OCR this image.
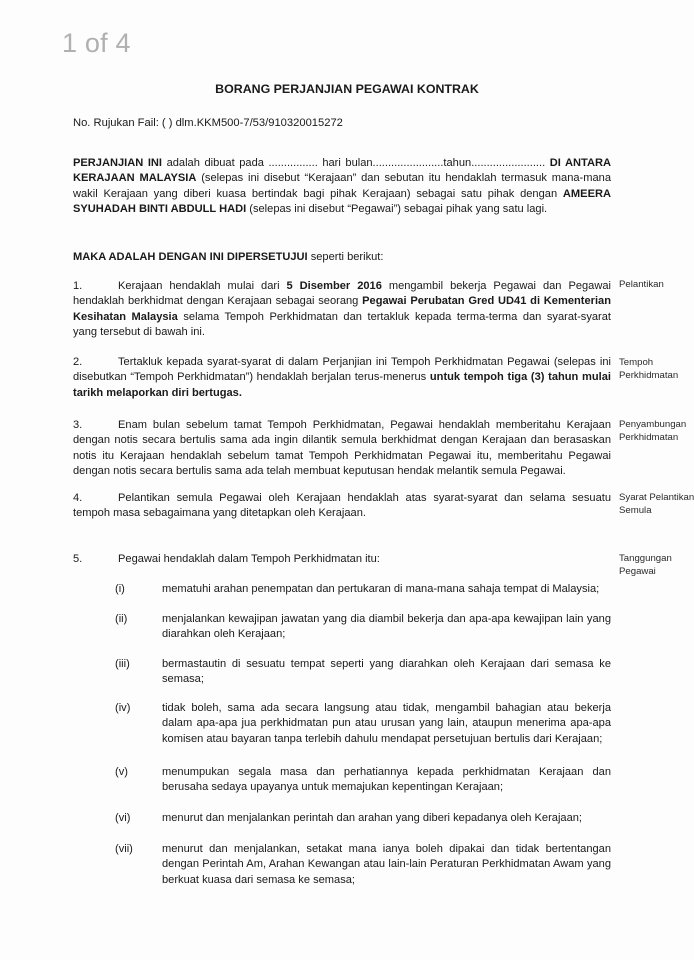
1 of 4
BORANG PERJANJIAN PEGAWAI KONTRAK
No. Rujukan Fail: ( ) dlm.KKM500-7/53/910320015272
PERJANJIAN INI adalah dibuat pada ................ hari bulan.......................tahun........................ DI ANTARA KERAJAAN MALAYSIA (selepas ini disebut “Kerajaan” dan sebutan itu hendaklah termasuk mana-mana wakil Kerajaan yang diberi kuasa bertindak bagi pihak Kerajaan) sebagai satu pihak dengan AMEERA SYUHADAH BINTI ABDULL HADI (selepas ini disebut “Pegawai”) sebagai pihak yang satu lagi.
MAKA ADALAH DENGAN INI DIPERSETUJUI seperti berikut:
1.	Kerajaan hendaklah mulai dari 5 Disember 2016 mengambil bekerja Pegawai dan Pegawai hendaklah berkhidmat dengan Kerajaan sebagai seorang Pegawai Perubatan Gred UD41 di Kementerian Kesihatan Malaysia selama Tempoh Perkhidmatan dan tertakluk kepada terma-terma dan syarat-syarat yang tersebut di bawah ini.
Pelantikan
2.	Tertakluk kepada syarat-syarat di dalam Perjanjian ini Tempoh Perkhidmatan Pegawai (selepas ini disebutkan “Tempoh Perkhidmatan”) hendaklah berjalan terus-menerus untuk tempoh tiga (3) tahun mulai tarikh melaporkan diri bertugas.
Tempoh
Perkhidmatan
3.	Enam bulan sebelum tamat Tempoh Perkhidmatan, Pegawai hendaklah memberitahu Kerajaan dengan notis secara bertulis sama ada ingin dilantik semula berkhidmat dengan Kerajaan dan berasaskan notis itu Kerajaan hendaklah sebelum tamat Tempoh Perkhidmatan Pegawai itu, memberitahu Pegawai dengan notis secara bertulis sama ada telah membuat keputusan hendak melantik semula Pegawai.
Penyambungan
Perkhidmatan
4.	Pelantikan semula Pegawai oleh Kerajaan hendaklah atas syarat-syarat dan selama sesuatu tempoh masa sebagaimana yang ditetapkan oleh Kerajaan.
Syarat Pelantikan
Semula
5.	Pegawai hendaklah dalam Tempoh Perkhidmatan itu:	Tanggungan
Pegawai
(i)	mematuhi arahan penempatan dan pertukaran di mana-mana sahaja tempat di Malaysia;
(ii)	menjalankan kewajipan jawatan yang dia diambil bekerja dan apa-apa kewajipan lain yang diarahkan oleh Kerajaan;
(iii)	bermastautin di sesuatu tempat seperti yang diarahkan oleh Kerajaan dari semasa ke semasa;
(iv)	tidak boleh, sama ada secara langsung atau tidak, mengambil bahagian atau bekerja dalam apa-apa jua perkhidmatan pun atau urusan yang lain, ataupun menerima apa-apa komisen atau bayaran tanpa terlebih dahulu mendapat persetujuan bertulis dari Kerajaan;
(v)	menumpukan segala masa dan perhatiannya kepada perkhidmatan Kerajaan dan berusaha sedaya upayanya untuk memajukan kepentingan Kerajaan;
(vi)	menurut dan menjalankan perintah dan arahan yang diberi kepadanya oleh Kerajaan;
(vii)	menurut dan menjalankan, setakat mana ianya boleh dipakai dan tidak bertentangan dengan Perintah Am, Arahan Kewangan atau lain-lain Peraturan Perkhidmatan Awam yang berkuat kuasa dari semasa ke semasa;
